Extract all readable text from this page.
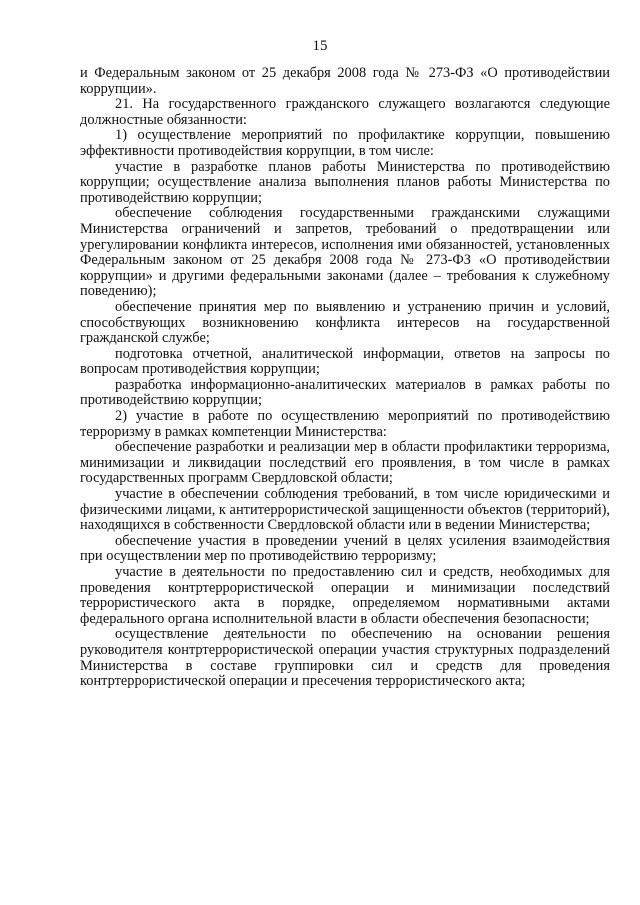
15

и Федеральным законом от 25 декабря 2008 года № 273-ФЗ «О противодействии коррупции».

21. На государственного гражданского служащего возлагаются следующие должностные обязанности:

1) осуществление мероприятий по профилактике коррупции, повышению эффективности противодействия коррупции, в том числе:

участие в разработке планов работы Министерства по противодействию коррупции; осуществление анализа выполнения планов работы Министерства по противодействию коррупции;

обеспечение соблюдения государственными гражданскими служащими Министерства ограничений и запретов, требований о предотвращении или урегулировании конфликта интересов, исполнения ими обязанностей, установленных Федеральным законом от 25 декабря 2008 года № 273-ФЗ «О противодействии коррупции» и другими федеральными законами (далее – требования к служебному поведению);

обеспечение принятия мер по выявлению и устранению причин и условий, способствующих возникновению конфликта интересов на государственной гражданской службе;

подготовка отчетной, аналитической информации, ответов на запросы по вопросам противодействия коррупции;

разработка информационно-аналитических материалов в рамках работы по противодействию коррупции;

2) участие в работе по осуществлению мероприятий по противодействию терроризму в рамках компетенции Министерства:

обеспечение разработки и реализации мер в области профилактики терроризма, минимизации и ликвидации последствий его проявления, в том числе в рамках государственных программ Свердловской области;

участие в обеспечении соблюдения требований, в том числе юридическими и физическими лицами, к антитеррористической защищенности объектов (территорий), находящихся в собственности Свердловской области или в ведении Министерства;

обеспечение участия в проведении учений в целях усиления взаимодействия при осуществлении мер по противодействию терроризму;

участие в деятельности по предоставлению сил и средств, необходимых для проведения контртеррористической операции и минимизации последствий террористического акта в порядке, определяемом нормативными актами федерального органа исполнительной власти в области обеспечения безопасности;

осуществление деятельности по обеспечению на основании решения руководителя контртеррористической операции участия структурных подразделений Министерства в составе группировки сил и средств для проведения контртеррористической операции и пресечения террористического акта;
